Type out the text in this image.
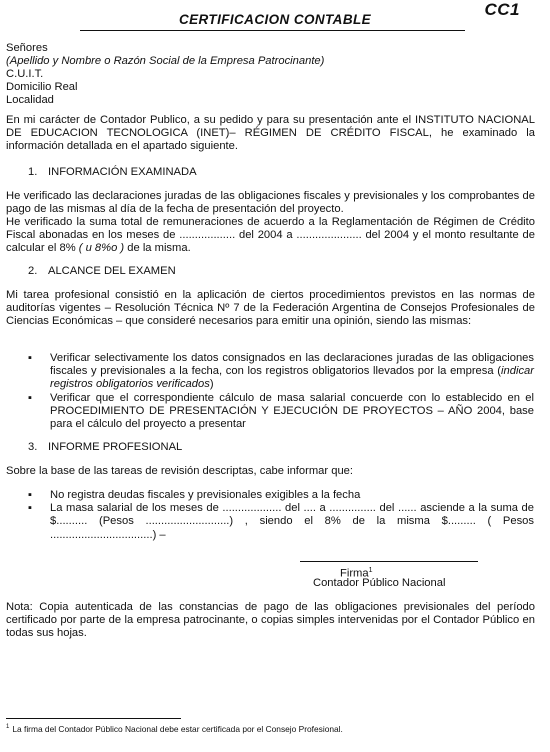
CC1
CERTIFICACION CONTABLE
Señores
(Apellido y Nombre o Razón Social de la Empresa Patrocinante)
C.U.I.T.
Domicilio Real
Localidad
En mi carácter de Contador Publico, a su pedido y para su presentación ante el INSTITUTO NACIONAL DE EDUCACION TECNOLOGICA (INET)– RÉGIMEN DE CRÉDITO FISCAL, he examinado la información detallada en el apartado siguiente.
1. INFORMACIÓN EXAMINADA
He verificado las declaraciones juradas de las obligaciones fiscales y previsionales y los comprobantes de pago de las mismas al día de la fecha de presentación del proyecto.
He verificado la suma total de remuneraciones de acuerdo a la Reglamentación de Régimen de Crédito Fiscal abonadas en los meses de .................. del 2004 a ..................... del 2004 y el monto resultante de calcular el 8% ( u 8%o ) de la misma.
2. ALCANCE DEL EXAMEN
Mi tarea profesional consistió en la aplicación de ciertos procedimientos previstos en las normas de auditorías vigentes – Resolución Técnica Nº 7 de la Federación Argentina de Consejos Profesionales de Ciencias Económicas – que consideré necesarios para emitir una opinión, siendo las mismas:
▪ Verificar selectivamente los datos consignados en las declaraciones juradas de las obligaciones fiscales y previsionales a la fecha, con los registros obligatorios llevados por la empresa (indicar registros obligatorios verificados)
▪ Verificar que el correspondiente cálculo de masa salarial concuerde con lo establecido en el PROCEDIMIENTO DE PRESENTACIÓN Y EJECUCIÓN DE PROYECTOS – AÑO 2004, base para el cálculo del proyecto a presentar
3. INFORME PROFESIONAL
Sobre la base de las tareas de revisión descriptas, cabe informar que:
▪ No registra deudas fiscales y previsionales exigibles a la fecha
▪ La masa salarial de los meses de ................... del .... a ............... del ...... asciende a la suma de $.......... (Pesos ...........................) , siendo el 8% de la misma $......... ( Pesos .................................) –
Firma$^1$
Contador Público Nacional
Nota: Copia autenticada de las constancias de pago de las obligaciones previsionales del período certificado por parte de la empresa patrocinante, o copias simples intervenidas por el Contador Público en todas sus hojas.
$^1$ La firma del Contador Público Nacional debe estar certificada por el Consejo Profesional.
